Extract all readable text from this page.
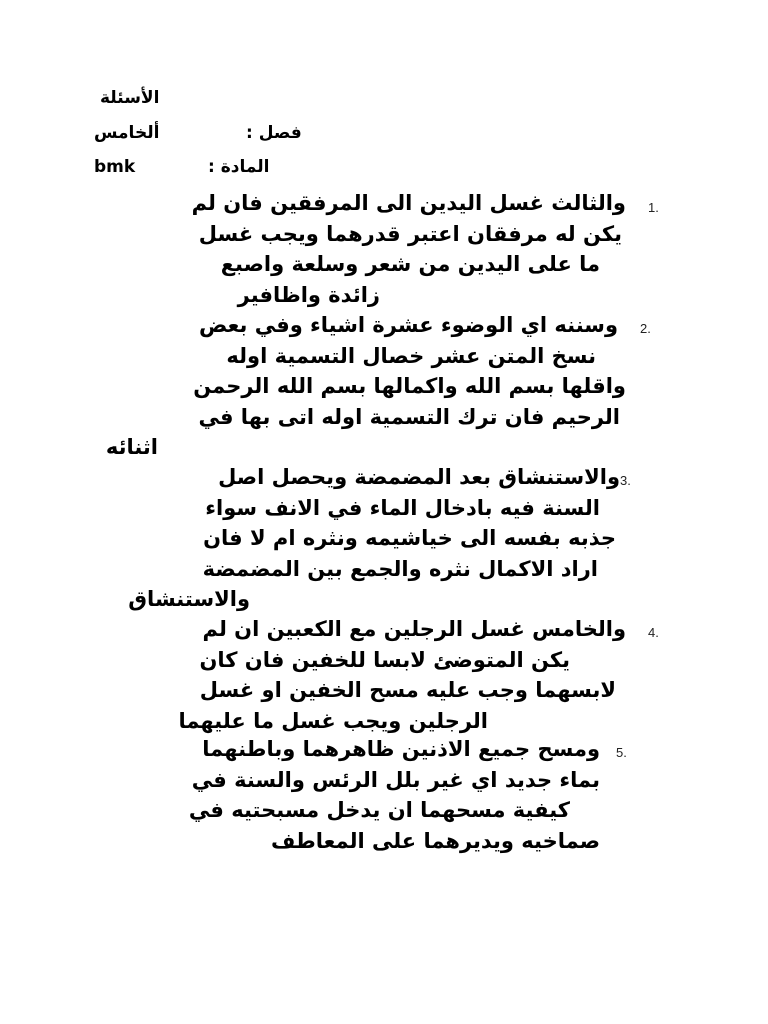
الأسئلة
فصل :
ألخامس
المادة :
bmk
1.
والثالث غسل اليدين الى المرفقين فان لم
يكن له مرفقان اعتبر قدرهما ويجب غسل
ما على اليدين من شعر وسلعة واصبع
زائدة واظافير
2.
وسننه اي الوضوء عشرة اشياء وفي بعض
نسخ المتن عشر خصال التسمية اوله
واقلها بسم الله واكمالها بسم الله الرحمن
الرحيم فان ترك التسمية اوله اتى بها في
اثنائه
3.
والاستنشاق بعد المضمضة ويحصل اصل
السنة فيه بادخال الماء في الانف سواء
جذبه بفسه الى خياشيمه ونثره ام لا فان
اراد الاكمال نثره والجمع بين المضمضة
والاستنشاق
4.
والخامس غسل الرجلين مع الكعبين ان لم
يكن المتوضئ لابسا للخفين فان كان
لابسهما وجب عليه مسح الخفين او غسل
الرجلين ويجب غسل ما عليهما
5.
ومسح جميع الاذنين ظاهرهما وباطنهما
بماء جديد اي غير بلل الرئس والسنة في
كيفية مسحهما ان يدخل مسبحتيه في
صماخيه ويديرهما على المعاطف
